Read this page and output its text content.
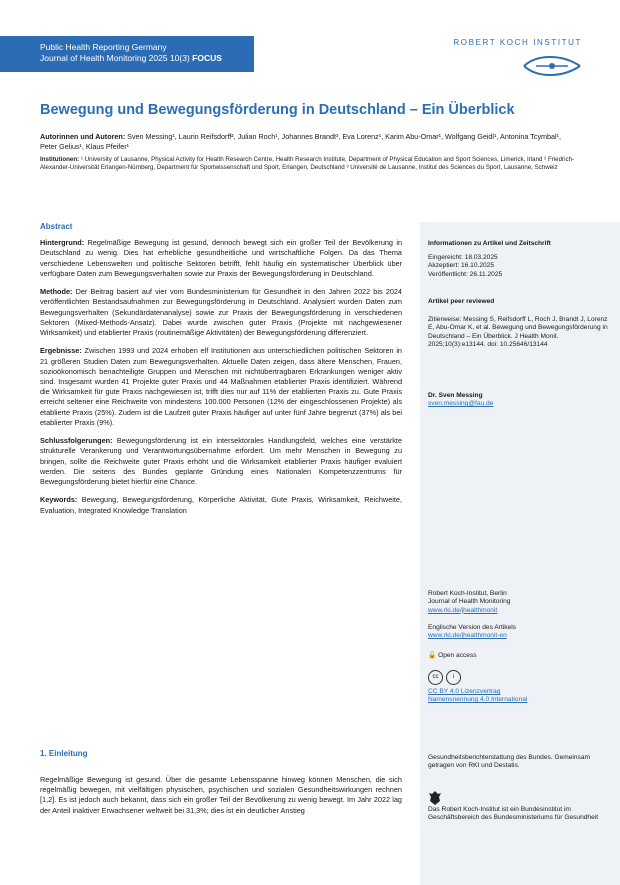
Public Health Reporting Germany
Journal of Health Monitoring 2025 10(3) FOCUS
ROBERT KOCH INSTITUT
Bewegung und Bewegungsförderung in Deutschland – Ein Überblick
Autorinnen und Autoren: Sven Messing¹, Laurin Reifsdorff², Julian Roch¹, Johannes Brandt³, Eva Lorenz¹, Karim Abu-Omar¹, Wolfgang Geidl¹, Antonina Tcymbal¹, Peter Gelius¹, Klaus Pfeifer¹
Institutionen: ¹ University of Lausanne, Physical Activity for Health Research Centre, Health Research Institute, Department of Physical Education and Sport Sciences, Limerick, Irland ² Friedrich-Alexander-Universität Erlangen-Nürnberg, Department für Sportwissenschaft und Sport, Erlangen, Deutschland ³ Université de Lausanne, Institut des Sciences du Sport, Lausanne, Schweiz

Abstract

Hintergrund: Regelmäßige Bewegung ist gesund, dennoch bewegt sich ein großer Teil der Bevölkerung in Deutschland zu wenig. Dies hat erhebliche gesundheitliche und wirtschaftliche Folgen. Da das Thema verschiedene Lebenswelten und politische Sektoren betrifft, fehlt häufig ein systematischer Überblick über verfügbare Daten zum Bewegungsverhalten sowie zur Praxis der Bewegungsförderung in Deutschland.

Methode: Der Beitrag basiert auf vier vom Bundesministerium für Gesundheit in den Jahren 2022 bis 2024 veröffentlichten Bestandsaufnahmen zur Bewegungsförderung in Deutschland. Analysiert wurden Daten zum Bewegungsverhalten (Sekundärdatenanalyse) sowie zur Praxis der Bewegungsförderung in verschiedenen Sektoren (Mixed-Methods-Ansatz). Dabei wurde zwischen guter Praxis (Projekte mit nachgewiesener Wirksamkeit) und etablierter Praxis (routinemäßige Aktivitäten) der Bewegungsförderung differenziert.

Ergebnisse: Zwischen 1993 und 2024 erhoben elf Institutionen aus unterschiedlichen politischen Sektoren in 21 größeren Studien Daten zum Bewegungsverhalten. Aktuelle Daten zeigen, dass ältere Menschen, Frauen, sozioökonomisch benachteiligte Gruppen und Menschen mit nichtübertragbaren Erkrankungen weniger aktiv sind. Insgesamt wurden 41 Projekte guter Praxis und 44 Maßnahmen etablierter Praxis identifiziert. Während die Wirksamkeit für gute Praxis nachgewiesen ist, trifft dies nur auf 11% der etablierten Praxis zu. Gute Praxis erreicht seltener eine Reichweite von mindestens 100.000 Personen (12% der eingeschlossenen Projekte) als etablierte Praxis (25%). Zudem ist die Laufzeit guter Praxis häufiger auf unter fünf Jahre begrenzt (37%) als bei etablierter Praxis (9%).

Schlussfolgerungen: Bewegungsförderung ist ein intersektorales Handlungsfeld, welches eine verstärkte strukturelle Verankerung und Verantwortungsübernahme erfordert. Um mehr Menschen in Bewegung zu bringen, sollte die Reichweite guter Praxis erhöht und die Wirksamkeit etablierter Praxis häufiger evaluiert werden. Die seitens des Bundes geplante Gründung eines Nationalen Kompetenzzentrums für Bewegungsförderung bietet hierfür eine Chance.

Keywords: Bewegung, Bewegungsförderung, Körperliche Aktivität, Gute Praxis, Wirksamkeit, Reichweite, Evaluation, Integrated Knowledge Translation

1. Einleitung

Regelmäßige Bewegung ist gesund. Über die gesamte Lebensspanne hinweg können Menschen, die sich regelmäßig bewegen, mit vielfältigen physischen, psychischen und sozialen Gesundheitswirkungen rechnen [1,2]. Es ist jedoch auch bekannt, dass sich ein großer Teil der Bevölkerung zu wenig bewegt. Im Jahr 2022 lag der Anteil inaktiver Erwachsener weltweit bei 31,3%; dies ist ein deutlicher Anstieg

Informationen zu Artikel und Zeitschrift
Eingereicht: 18.03.2025
Akzeptiert: 16.10.2025
Veröffentlicht: 26.11.2025
Artikel peer reviewed
Zitierweise: Messing S, Reifsdorff L, Roch J, Brandt J, Lorenz E, Abu-Omar K, et al. Bewegung und Bewegungsförderung in Deutschland – Ein Überblick. J Health Monit. 2025;10(3):e13144. doi: 10.25646/13144
Dr. Sven Messing
sven.messing@fau.de
Robert Koch-Institut, Berlin
Journal of Health Monitoring
www.rki.de/jhealthmonit
Englische Version des Artikels
www.rki.de/jhealthmonit-en
🔓 Open access
cc	i
CC BY 4.0 Lizenzvertrag
Namensnennung 4.0 International
Gesundheitsberichterstattung des Bundes. Gemeinsam getragen von RKI und Destatis.
Das Robert Koch-Institut ist ein Bundesinstitut im Geschäftsbereich des Bundesministeriums für Gesundheit
